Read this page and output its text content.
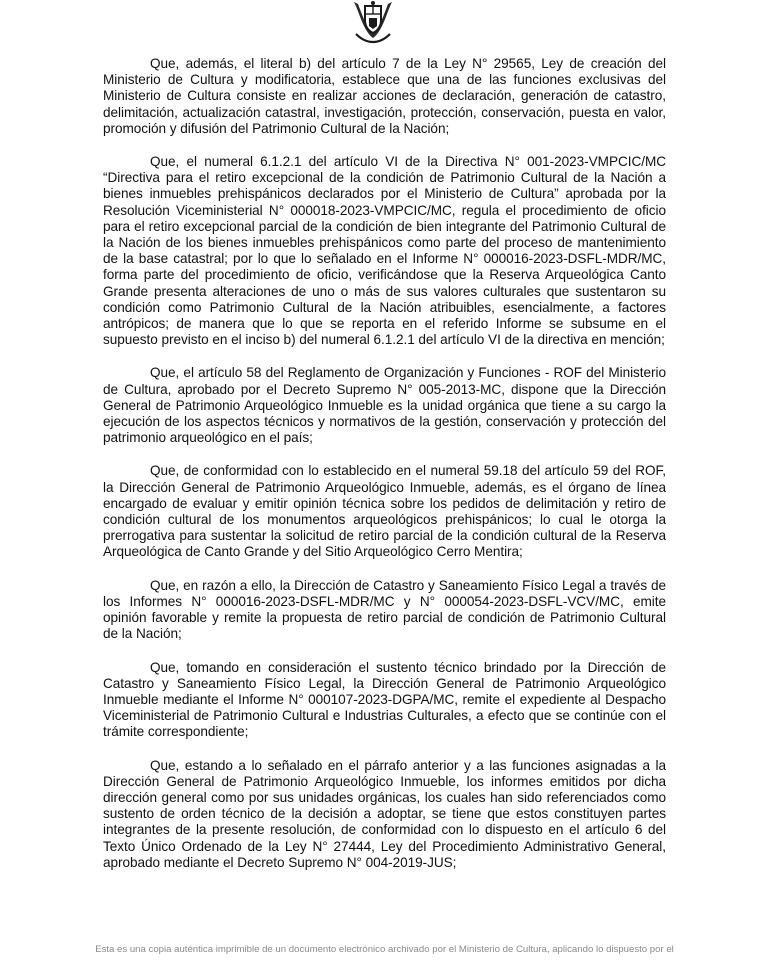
Que, además, el literal b) del artículo 7 de la Ley N° 29565, Ley de creación del Ministerio de Cultura y modificatoria, establece que una de las funciones exclusivas del Ministerio de Cultura consiste en realizar acciones de declaración, generación de catastro, delimitación, actualización catastral, investigación, protección, conservación, puesta en valor, promoción y difusión del Patrimonio Cultural de la Nación;

Que, el numeral 6.1.2.1 del artículo VI de la Directiva N° 001-2023-VMPCIC/MC “Directiva para el retiro excepcional de la condición de Patrimonio Cultural de la Nación a bienes inmuebles prehispánicos declarados por el Ministerio de Cultura” aprobada por la Resolución Viceministerial N° 000018-2023-VMPCIC/MC, regula el procedimiento de oficio para el retiro excepcional parcial de la condición de bien integrante del Patrimonio Cultural de la Nación de los bienes inmuebles prehispánicos como parte del proceso de mantenimiento de la base catastral; por lo que lo señalado en el Informe N° 000016-2023-DSFL-MDR/MC, forma parte del procedimiento de oficio, verificándose que la Reserva Arqueológica Canto Grande presenta alteraciones de uno o más de sus valores culturales que sustentaron su condición como Patrimonio Cultural de la Nación atribuibles, esencialmente, a factores antrópicos; de manera que lo que se reporta en el referido Informe se subsume en el supuesto previsto en el inciso b) del numeral 6.1.2.1 del artículo VI de la directiva en mención;

Que, el artículo 58 del Reglamento de Organización y Funciones - ROF del Ministerio de Cultura, aprobado por el Decreto Supremo N° 005-2013-MC, dispone que la Dirección General de Patrimonio Arqueológico Inmueble es la unidad orgánica que tiene a su cargo la ejecución de los aspectos técnicos y normativos de la gestión, conservación y protección del patrimonio arqueológico en el país;

Que, de conformidad con lo establecido en el numeral 59.18 del artículo 59 del ROF, la Dirección General de Patrimonio Arqueológico Inmueble, además, es el órgano de línea encargado de evaluar y emitir opinión técnica sobre los pedidos de delimitación y retiro de condición cultural de los monumentos arqueológicos prehispánicos; lo cual le otorga la prerrogativa para sustentar la solicitud de retiro parcial de la condición cultural de la Reserva Arqueológica de Canto Grande y del Sitio Arqueológico Cerro Mentira;

Que, en razón a ello, la Dirección de Catastro y Saneamiento Físico Legal a través de los Informes N° 000016-2023-DSFL-MDR/MC y N° 000054-2023-DSFL-VCV/MC, emite opinión favorable y remite la propuesta de retiro parcial de condición de Patrimonio Cultural de la Nación;

Que, tomando en consideración el sustento técnico brindado por la Dirección de Catastro y Saneamiento Físico Legal, la Dirección General de Patrimonio Arqueológico Inmueble mediante el Informe N° 000107-2023-DGPA/MC, remite el expediente al Despacho Viceministerial de Patrimonio Cultural e Industrias Culturales, a efecto que se continúe con el trámite correspondiente;

Que, estando a lo señalado en el párrafo anterior y a las funciones asignadas a la Dirección General de Patrimonio Arqueológico Inmueble, los informes emitidos por dicha dirección general como por sus unidades orgánicas, los cuales han sido referenciados como sustento de orden técnico de la decisión a adoptar, se tiene que estos constituyen partes integrantes de la presente resolución, de conformidad con lo dispuesto en el artículo 6 del Texto Único Ordenado de la Ley N° 27444, Ley del Procedimiento Administrativo General, aprobado mediante el Decreto Supremo N° 004-2019-JUS;

Esta es una copia auténtica imprimible de un documento electrónico archivado por el Ministerio de Cultura, aplicando lo dispuesto por el
